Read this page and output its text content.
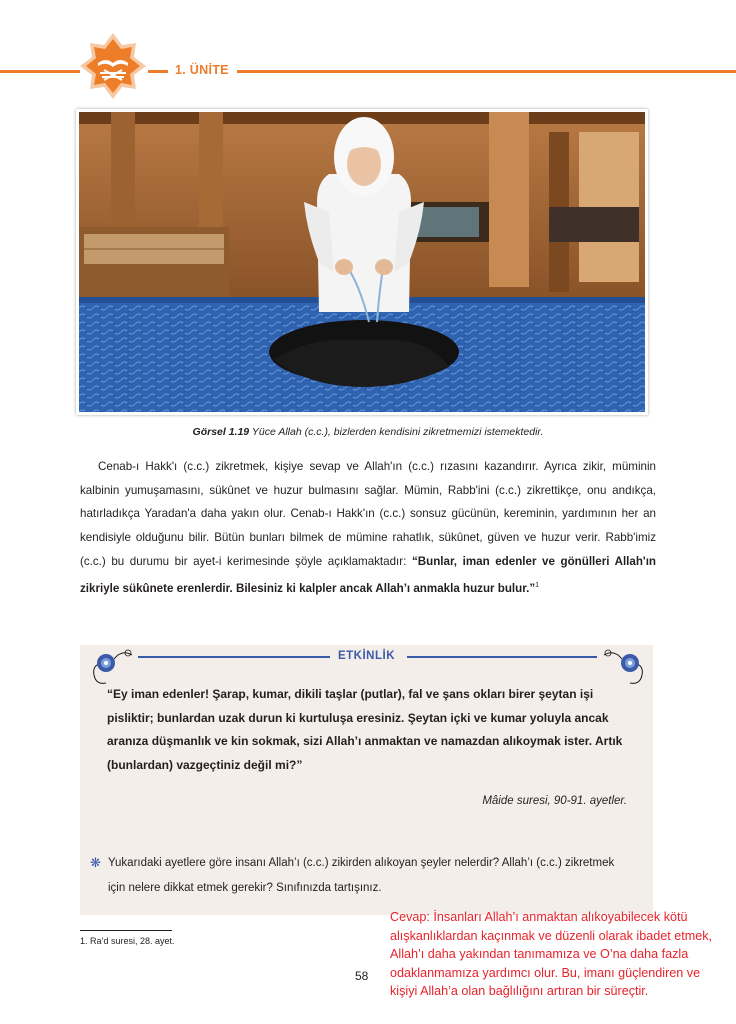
1. ÜNİTE
Görsel 1.19 Yüce Allah (c.c.), bizlerden kendisini zikretmemizi istemektedir.

Cenab-ı Hakk'ı (c.c.) zikretmek, kişiye sevap ve Allah'ın (c.c.) rızasını kazandırır. Ayrıca zikir, müminin kalbinin yumuşamasını, sükûnet ve huzur bulmasını sağlar. Mümin, Rabb'ini (c.c.) zikrettikçe, onu andıkça, hatırladıkça Yaradan'a daha yakın olur. Cenab-ı Hakk'ın (c.c.) sonsuz gücünün, kereminin, yardımının her an kendisiyle olduğunu bilir. Bütün bunları bilmek de mümine rahatlık, sükûnet, güven ve huzur verir. Rabb'imiz (c.c.) bu durumu bir ayet-i kerimesinde şöyle açıklamaktadır: “Bunlar, iman edenler ve gönülleri Allah'ın zikriyle sükûnete erenlerdir. Bilesiniz ki kalpler ancak Allah’ı anmakla huzur bulur.”$^1$

ETKİNLİK
“Ey iman edenler! Şarap, kumar, dikili taşlar (putlar), fal ve şans okları birer şeytan işi pisliktir; bunlardan uzak durun ki kurtuluşa eresiniz. Şeytan içki ve kumar yoluyla ancak aranıza düşmanlık ve kin sokmak, sizi Allah’ı anmaktan ve namazdan alıkoymak ister. Artık (bunlardan) vazgeçtiniz değil mi?”
Mâide suresi, 90-91. ayetler.
❋ Yukarıdaki ayetlere göre insanı Allah’ı (c.c.) zikirden alıkoyan şeyler nelerdir? Allah’ı (c.c.) zikretmek için nelere dikkat etmek gerekir? Sınıfınızda tartışınız.
1. Ra’d suresi, 28. ayet.
58
Cevap: İnsanları Allah’ı anmaktan alıkoyabilecek kötü alışkanlıklardan kaçınmak ve düzenli olarak ibadet etmek, Allah’ı daha yakından tanımamıza ve O’na daha fazla odaklanmamıza yardımcı olur. Bu, imanı güçlendiren ve kişiyi Allah’a olan bağlılığını artıran bir süreçtir.
